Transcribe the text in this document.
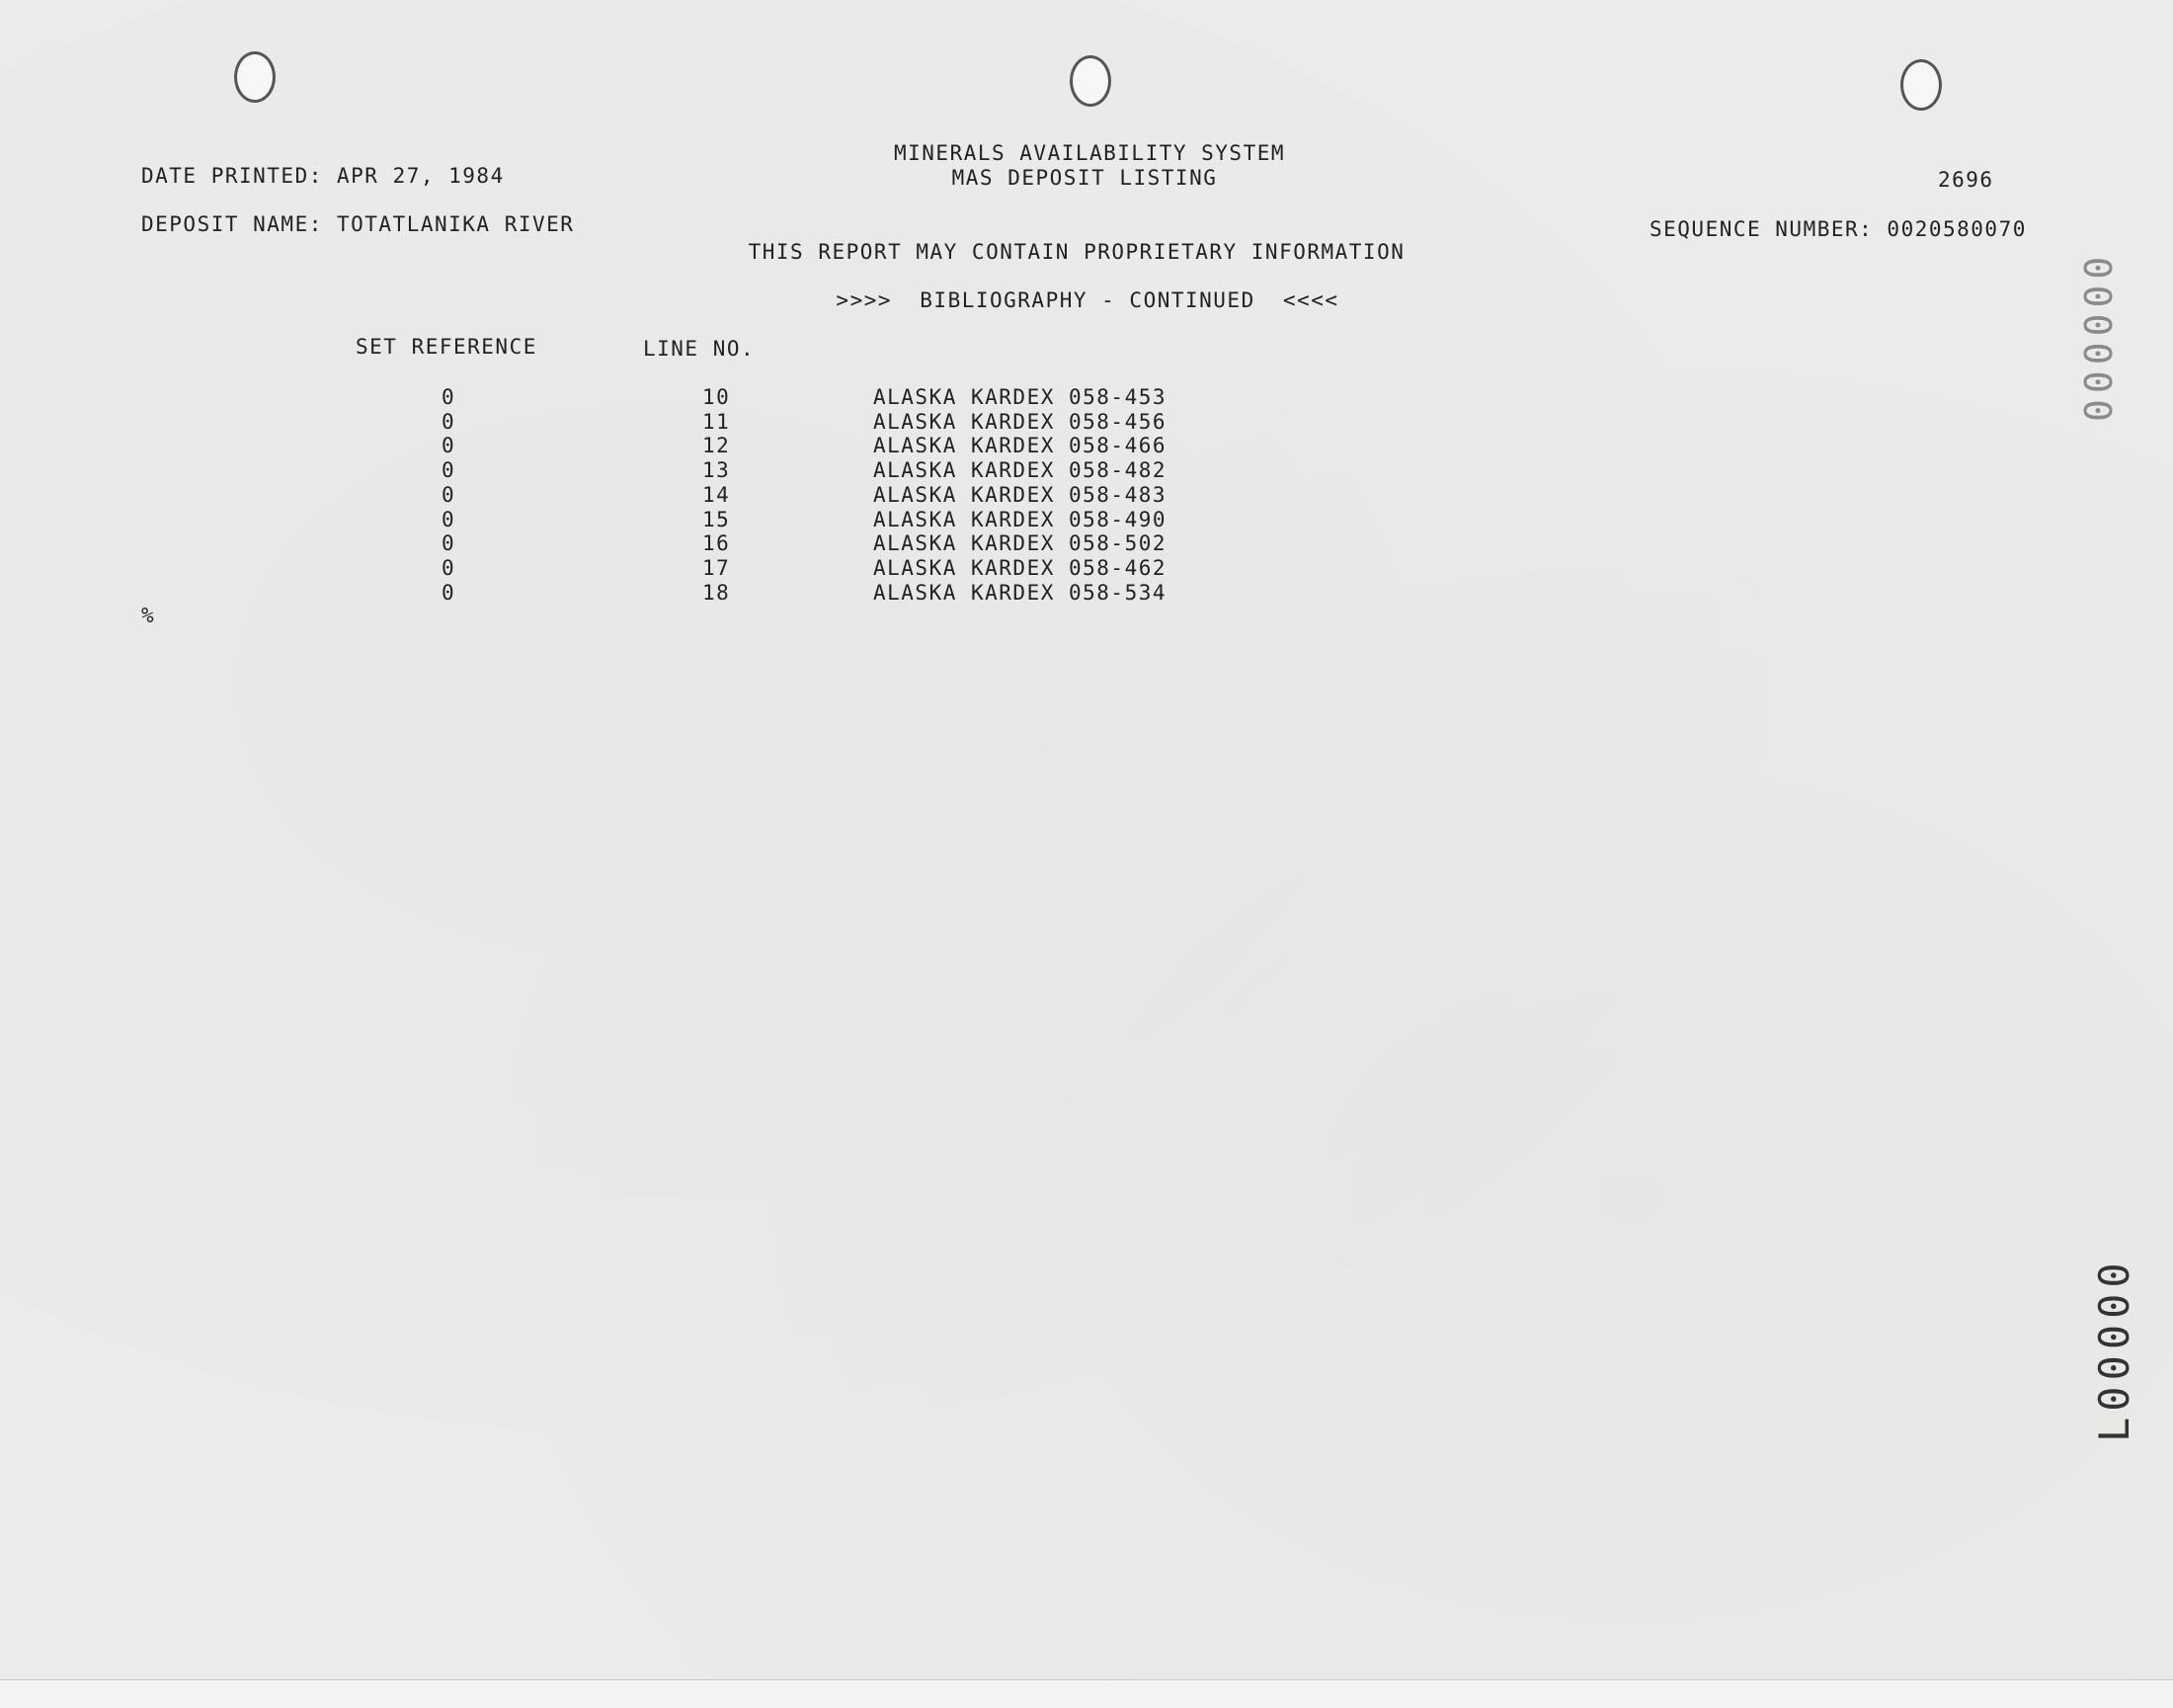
MINERALS AVAILABILITY SYSTEM
MAS DEPOSIT LISTING
DATE PRINTED: APR 27, 1984	2696
DEPOSIT NAME: TOTATLANIKA RIVER	SEQUENCE NUMBER: 0020580070
THIS REPORT MAY CONTAIN PROPRIETARY INFORMATION
>>>>  BIBLIOGRAPHY - CONTINUED  <<<<
SET REFERENCE	LINE NO.
0	10	ALASKA KARDEX 058-453
0	11	ALASKA KARDEX 058-456
0	12	ALASKA KARDEX 058-466
0	13	ALASKA KARDEX 058-482
0	14	ALASKA KARDEX 058-483
0	15	ALASKA KARDEX 058-490
0	16	ALASKA KARDEX 058-502
0	17	ALASKA KARDEX 058-462
0	18	ALASKA KARDEX 058-534
%
000000
L00000
